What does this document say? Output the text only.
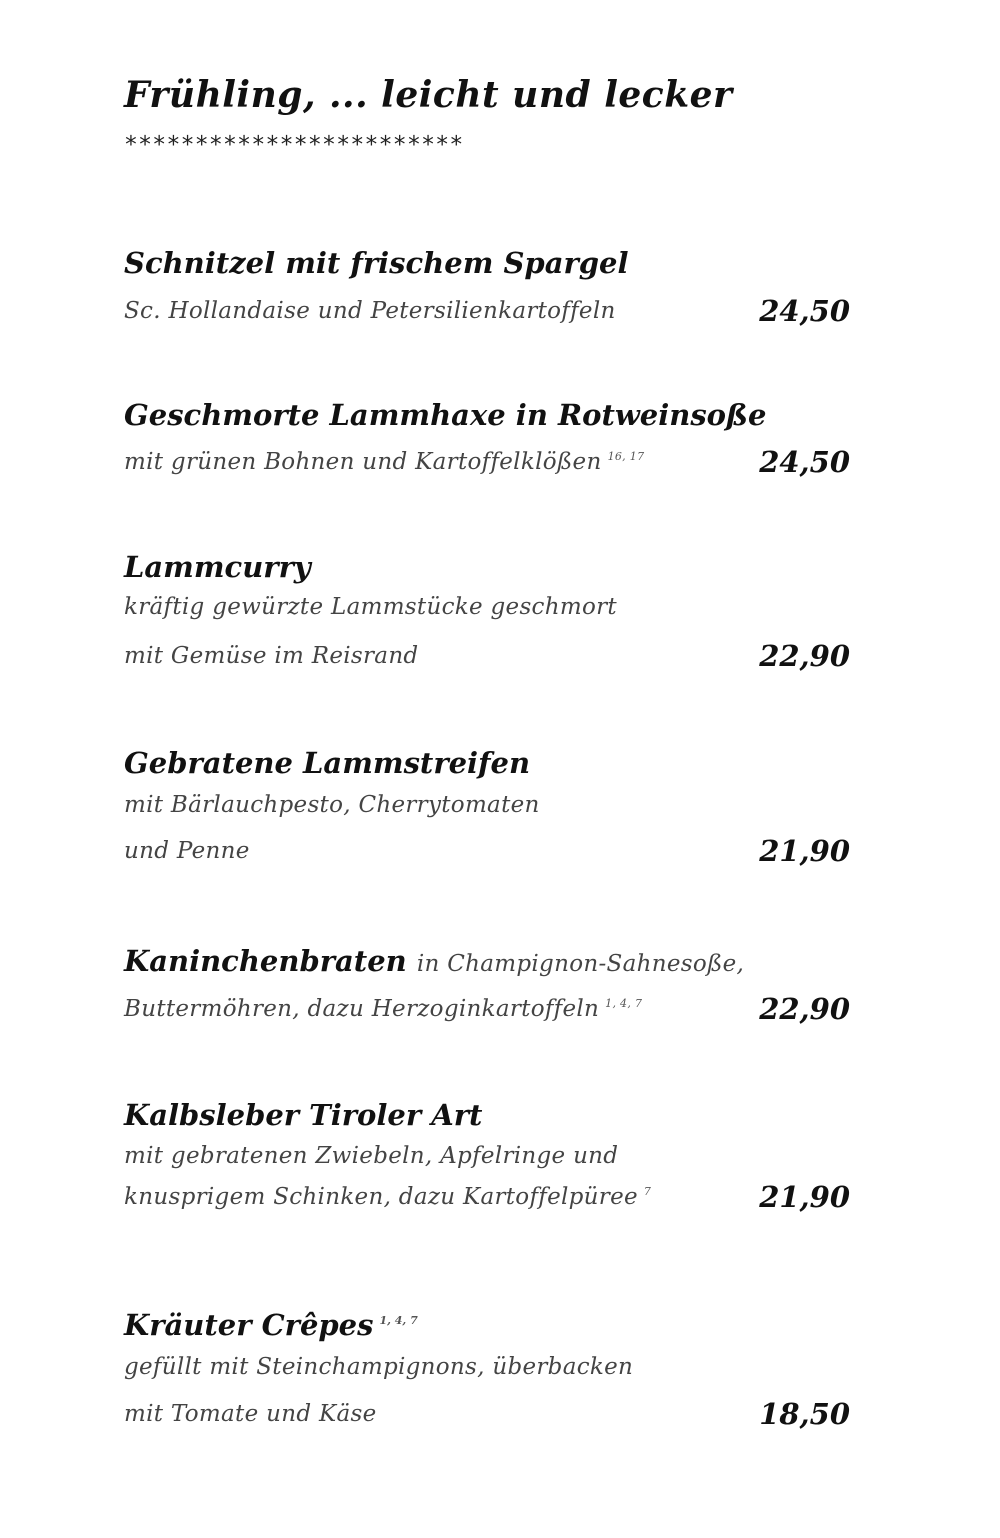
Frühling, ... leicht und lecker
************************
Schnitzel mit frischem Spargel
Sc. Hollandaise und Petersilienkartoffeln	24,50
Geschmorte Lammhaxe in Rotweinsoße
mit grünen Bohnen und Kartoffelklößen $^{16, 17}$	24,50
Lammcurry
kräftig gewürzte Lammstücke geschmort
mit Gemüse im Reisrand	22,90
Gebratene Lammstreifen
mit Bärlauchpesto, Cherrytomaten
und Penne	21,90
Kaninchenbraten in Champignon-Sahnesoße,
Buttermöhren, dazu Herzoginkartoffeln $^{1, 4, 7}$	22,90
Kalbsleber Tiroler Art
mit gebratenen Zwiebeln, Apfelringe und
knusprigem Schinken, dazu Kartoffelpüree $^7$	21,90
Kräuter Crêpes $^{1, 4, 7}$
gefüllt mit Steinchampignons, überbacken
mit Tomate und Käse	18,50
